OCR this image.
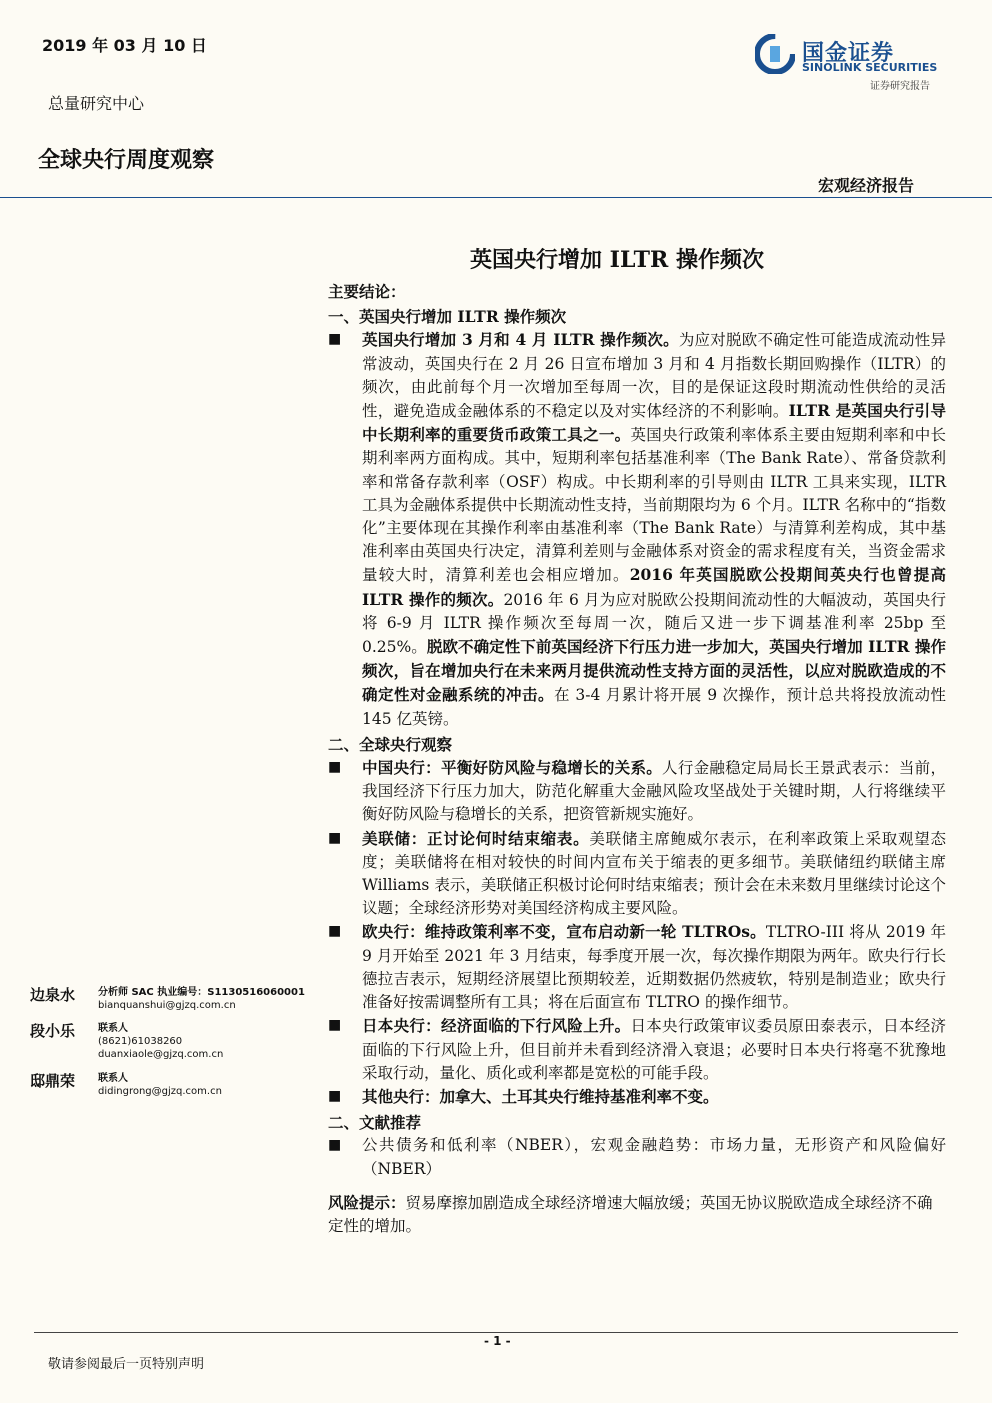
2019 年 03 月 10 日	国金证券
SINOLINK SECURITIES
证券研究报告
总量研究中心
全球央行周度观察
宏观经济报告
英国央行增加 ILTR 操作频次

主要结论：

一、英国央行增加 ILTR 操作频次

■ 英国央行增加 3 月和 4 月 ILTR 操作频次。为应对脱欧不确定性可能造成流动性异常波动，英国央行在 2 月 26 日宣布增加 3 月和 4 月指数长期回购操作（ILTR）的频次，由此前每个月一次增加至每周一次，目的是保证这段时期流动性供给的灵活性，避免造成金融体系的不稳定以及对实体经济的不利影响。ILTR 是英国央行引导中长期利率的重要货币政策工具之一。英国央行政策利率体系主要由短期利率和中长期利率两方面构成。其中，短期利率包括基准利率（The Bank Rate）、常备贷款利率和常备存款利率（OSF）构成。中长期利率的引导则由 ILTR 工具来实现，ILTR 工具为金融体系提供中长期流动性支持，当前期限均为 6 个月。ILTR 名称中的“指数化”主要体现在其操作利率由基准利率（The Bank Rate）与清算利差构成，其中基准利率由英国央行决定，清算利差则与金融体系对资金的需求程度有关，当资金需求量较大时，清算利差也会相应增加。2016 年英国脱欧公投期间英央行也曾提高 ILTR 操作的频次。2016 年 6 月为应对脱欧公投期间流动性的大幅波动，英国央行将 6-9 月 ILTR 操作频次至每周一次，随后又进一步下调基准利率 25bp 至 0.25%。脱欧不确定性下前英国经济下行压力进一步加大，英国央行增加 ILTR 操作频次，旨在增加央行在未来两月提供流动性支持方面的灵活性，以应对脱欧造成的不确定性对金融系统的冲击。在 3-4 月累计将开展 9 次操作，预计总共将投放流动性 145 亿英镑。

二、全球央行观察

■ 中国央行：平衡好防风险与稳增长的关系。人行金融稳定局局长王景武表示：当前，我国经济下行压力加大，防范化解重大金融风险攻坚战处于关键时期，人行将继续平衡好防风险与稳增长的关系，把资管新规实施好。

■ 美联储：正讨论何时结束缩表。美联储主席鲍威尔表示，在利率政策上采取观望态度；美联储将在相对较快的时间内宣布关于缩表的更多细节。美联储纽约联储主席 Williams 表示，美联储正积极讨论何时结束缩表；预计会在未来数月里继续讨论这个议题；全球经济形势对美国经济构成主要风险。

■ 欧央行：维持政策利率不变，宣布启动新一轮 TLTROs。TLTRO-III 将从 2019 年 9 月开始至 2021 年 3 月结束，每季度开展一次，每次操作期限为两年。欧央行行长德拉吉表示，短期经济展望比预期较差，近期数据仍然疲软，特别是制造业；欧央行准备好按需调整所有工具；将在后面宣布 TLTRO 的操作细节。

■ 日本央行：经济面临的下行风险上升。日本央行政策审议委员原田泰表示，日本经济面临的下行风险上升，但目前并未看到经济滑入衰退；必要时日本央行将毫不犹豫地采取行动，量化、质化或利率都是宽松的可能手段。

■ 其他央行：加拿大、土耳其央行维持基准利率不变。

二、文献推荐

■ 公共债务和低利率（NBER），宏观金融趋势：市场力量，无形资产和风险偏好（NBER）

风险提示：贸易摩擦加剧造成全球经济增速大幅放缓；英国无协议脱欧造成全球经济不确定性的增加。

边泉水 分析师 SAC 执业编号：S1130516060001
bianquanshui@gjzq.com.cn
段小乐 联系人
(8621)61038260
duanxiaole@gjzq.com.cn
邸鼎荣 联系人
didingrong@gjzq.com.cn
- 1 -
敬请参阅最后一页特别声明
